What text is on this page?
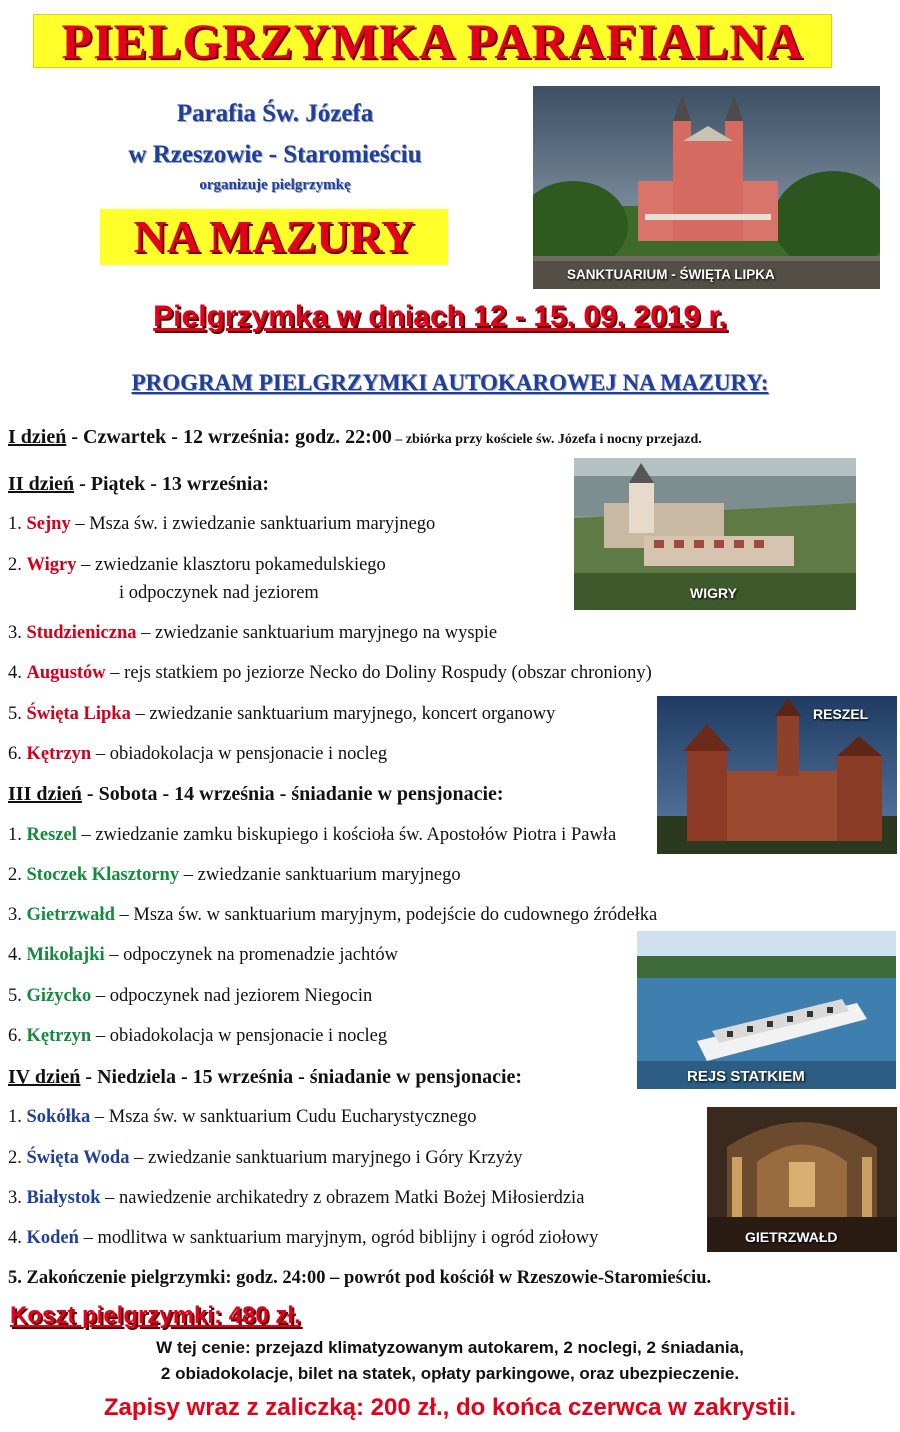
PIELGRZYMKA PARAFIALNA
Parafia Św. Józefa
w Rzeszowie - Staromieściu
organizuje pielgrzymkę
NA MAZURY
SANKTUARIUM - ŚWIĘTA LIPKA
Pielgrzymka w dniach 12 - 15. 09. 2019 r.
PROGRAM PIELGRZYMKI AUTOKAROWEJ NA MAZURY:
I dzień - Czwartek - 12 września: godz. 22:00 – zbiórka przy kościele św. Józefa i nocny przejazd.
II dzień - Piątek - 13 września:
1. Sejny – Msza św. i zwiedzanie sanktuarium maryjnego
2. Wigry – zwiedzanie klasztoru pokamedulskiego
i odpoczynek nad jeziorem
3. Studzieniczna – zwiedzanie sanktuarium maryjnego na wyspie
4. Augustów – rejs statkiem po jeziorze Necko do Doliny Rospudy (obszar chroniony)
5. Święta Lipka – zwiedzanie sanktuarium maryjnego, koncert organowy
6. Kętrzyn – obiadokolacja w pensjonacie i nocleg
WIGRY
III dzień - Sobota - 14 września - śniadanie w pensjonacie:
1. Reszel – zwiedzanie zamku biskupiego i kościoła św. Apostołów Piotra i Pawła
2. Stoczek Klasztorny – zwiedzanie sanktuarium maryjnego
3. Gietrzwałd – Msza św. w sanktuarium maryjnym, podejście do cudownego źródełka
4. Mikołajki – odpoczynek na promenadzie jachtów
5. Giżycko – odpoczynek nad jeziorem Niegocin
6. Kętrzyn – obiadokolacja w pensjonacie i nocleg
RESZEL
REJS STATKIEM
IV dzień - Niedziela - 15 września - śniadanie w pensjonacie:
1. Sokółka – Msza św. w sanktuarium Cudu Eucharystycznego
2. Święta Woda – zwiedzanie sanktuarium maryjnego i Góry Krzyży
3. Białystok – nawiedzenie archikatedry z obrazem Matki Bożej Miłosierdzia
4. Kodeń – modlitwa w sanktuarium maryjnym, ogród biblijny i ogród ziołowy
5. Zakończenie pielgrzymki: godz. 24:00 – powrót pod kościół w Rzeszowie-Staromieściu.
GIETRZWAŁD
Koszt pielgrzymki: 480 zł.
W tej cenie: przejazd klimatyzowanym autokarem, 2 noclegi, 2 śniadania,
2 obiadokolacje, bilet na statek, opłaty parkingowe, oraz ubezpieczenie.
Zapisy wraz z zaliczką: 200 zł., do końca czerwca w zakrystii.
